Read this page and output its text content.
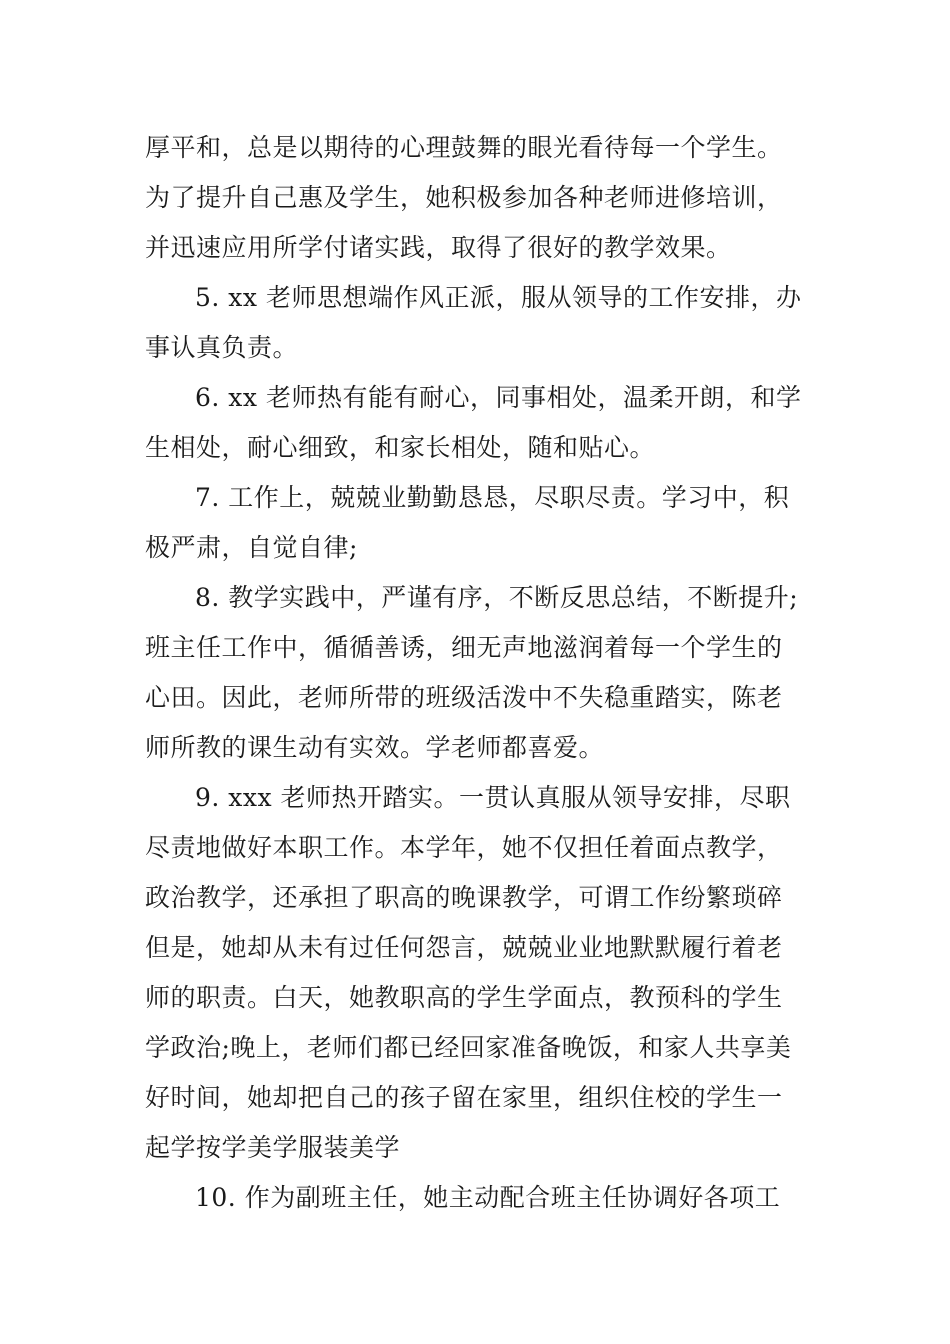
厚平和，总是以期待的心理鼓舞的眼光看待每一个学生。
为了提升自己惠及学生，她积极参加各种老师进修培训，
并迅速应用所学付诸实践，取得了很好的教学效果。
5. xx 老师思想端作风正派，服从领导的工作安排，办
事认真负责。
6. xx 老师热有能有耐心，同事相处，温柔开朗，和学
生相处，耐心细致，和家长相处，随和贴心。
7. 工作上，兢兢业勤勤恳恳，尽职尽责。学习中，积
极严肃，自觉自律;
8. 教学实践中，严谨有序，不断反思总结，不断提升;
班主任工作中，循循善诱，细无声地滋润着每一个学生的
心田。因此，老师所带的班级活泼中不失稳重踏实，陈老
师所教的课生动有实效。学老师都喜爱。
9. xxx 老师热开踏实。一贯认真服从领导安排，尽职
尽责地做好本职工作。本学年，她不仅担任着面点教学，
政治教学，还承担了职高的晚课教学，可谓工作纷繁琐碎
但是，她却从未有过任何怨言，兢兢业业地默默履行着老
师的职责。白天，她教职高的学生学面点，教预科的学生
学政治;晚上，老师们都已经回家准备晚饭，和家人共享美
好时间，她却把自己的孩子留在家里，组织住校的学生一
起学按学美学服装美学
10. 作为副班主任，她主动配合班主任协调好各项工
